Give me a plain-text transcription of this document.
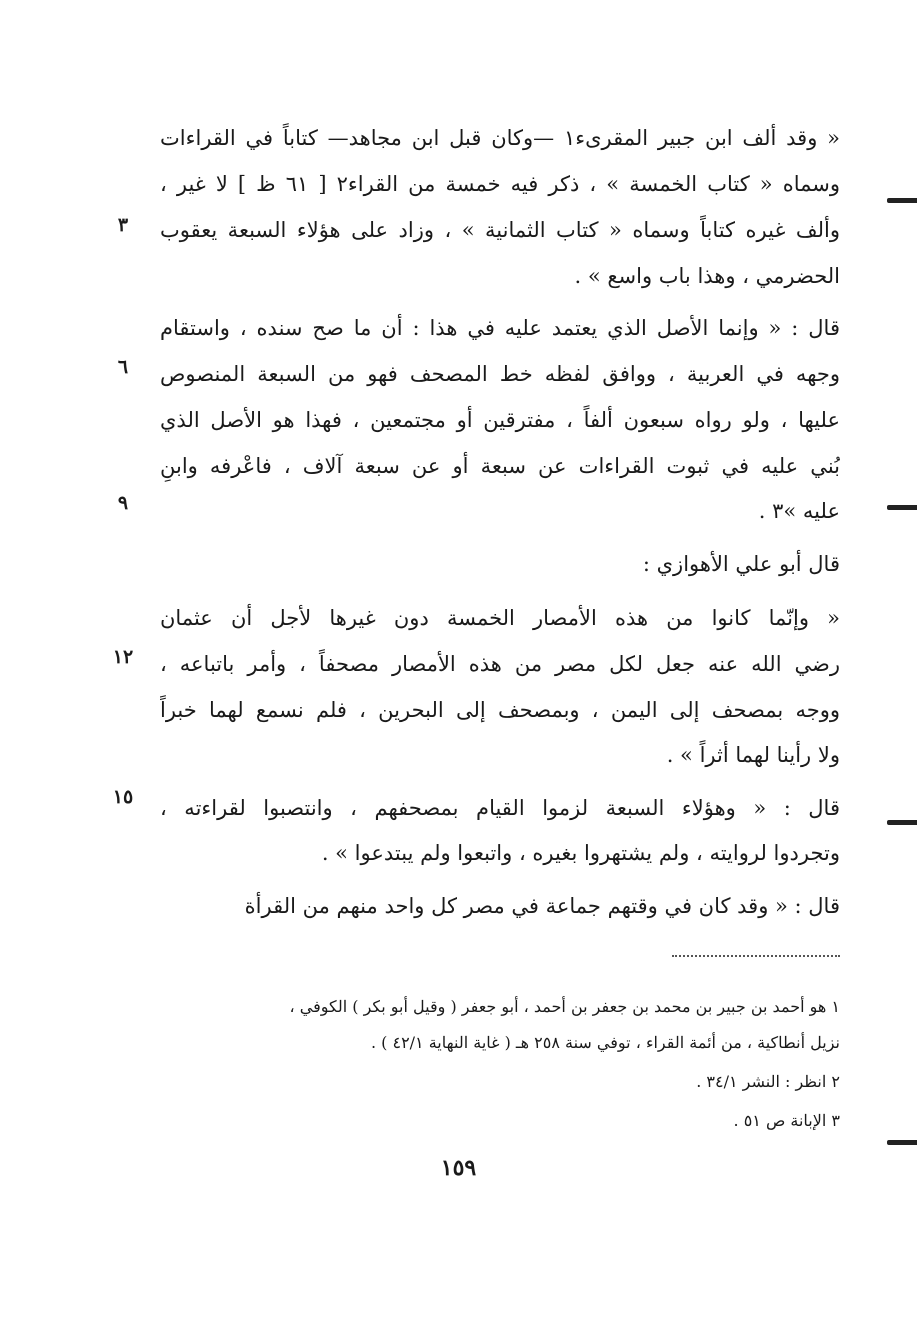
« وقد ألف ابن جبير المقرىء١ —وكان قبل ابن مجاهد— كتاباً في القراءات
وسماه « كتاب الخمسة » ، ذكر فيه خمسة من القراء٢ [ ٦١ ظ ] لا غير ،
وألف غيره كتاباً وسماه « كتاب الثمانية » ، وزاد على هؤلاء السبعة يعقوب
الحضرمي ، وهذا باب واسع » .
قال : « وإنما الأصل الذي يعتمد عليه في هذا : أن ما صح سنده ، واستقام
وجهه في العربية ، ووافق لفظه خط المصحف فهو من السبعة المنصوص
عليها ، ولو رواه سبعون ألفاً ، مفترقين أو مجتمعين ، فهذا هو الأصل الذي
بُني عليه في ثبوت القراءات عن سبعة أو عن سبعة آلاف ، فاعْرفه وابنِ
عليه »٣ .
قال أبو علي الأهوازي :
« وإنّما كانوا من هذه الأمصار الخمسة دون غيرها لأجل أن عثمان
رضي الله عنه جعل لكل مصر من هذه الأمصار مصحفاً ، وأمر باتباعه ،
ووجه بمصحف إلى اليمن ، وبمصحف إلى البحرين ، فلم نسمع لهما خبراً
ولا رأينا لهما أثراً » .
قال : « وهؤلاء السبعة لزموا القيام بمصحفهم ، وانتصبوا لقراءته ،
وتجردوا لروايته ، ولم يشتهروا بغيره ، واتبعوا ولم يبتدعوا » .
قال : « وقد كان في وقتهم جماعة في مصر كل واحد منهم من القرأة
٣
٦
٩
١٢
١٥
١ هو أحمد بن جبير بن محمد بن جعفر بن أحمد ، أبو جعفر ( وقيل أبو بكر ) الكوفي ،
نزيل أنطاكية ، من أئمة القراء ، توفي سنة ٢٥٨ هـ ( غاية النهاية ٤٢/١ ) .
٢ انظر : النشر ٣٤/١ .
٣ الإبانة ص ٥١ .
١٥٩
